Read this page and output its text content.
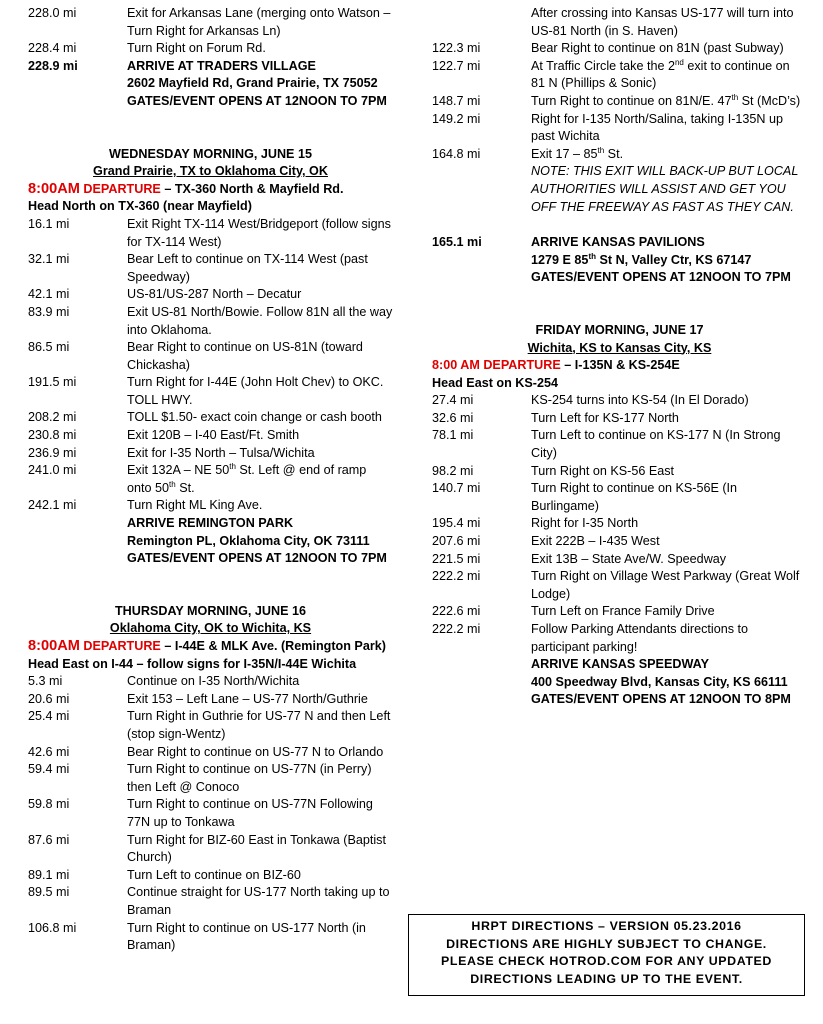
228.0 mi	Exit for Arkansas Lane (merging onto Watson – Turn Right for Arkansas Ln)
228.4 mi	Turn Right on Forum Rd.
228.9 mi	ARRIVE AT TRADERS VILLAGE
2602 Mayfield Rd, Grand Prairie, TX 75052
GATES/EVENT OPENS AT 12NOON TO 7PM
WEDNESDAY MORNING, JUNE 15
Grand Prairie, TX to Oklahoma City, OK
8:00AM DEPARTURE – TX-360 North & Mayfield Rd.
Head North on TX-360 (near Mayfield)
16.1 mi	Exit Right TX-114 West/Bridgeport (follow signs for TX-114 West)
32.1 mi	Bear Left to continue on TX-114 West (past Speedway)
42.1 mi	US-81/US-287 North – Decatur
83.9 mi	Exit US-81 North/Bowie. Follow 81N all the way into Oklahoma.
86.5 mi	Bear Right to continue on US-81N (toward Chickasha)
191.5 mi	Turn Right for I-44E (John Holt Chev) to OKC. TOLL HWY.
208.2 mi	TOLL $1.50- exact coin change or cash booth
230.8 mi	Exit 120B – I-40 East/Ft. Smith
236.9 mi	Exit for I-35 North – Tulsa/Wichita
241.0 mi	Exit 132A – NE 50th St. Left @ end of ramp onto 50th St.
242.1 mi	Turn Right ML King Ave.
ARRIVE REMINGTON PARK
Remington PL, Oklahoma City, OK 73111
GATES/EVENT OPENS AT 12NOON TO 7PM
THURSDAY MORNING, JUNE 16
Oklahoma City, OK to Wichita, KS
8:00AM DEPARTURE – I-44E & MLK Ave. (Remington Park)
Head East on I-44 – follow signs for I-35N/I-44E Wichita
5.3 mi	Continue on I-35 North/Wichita
20.6 mi	Exit 153 – Left Lane – US-77 North/Guthrie
25.4 mi	Turn Right in Guthrie for US-77 N and then Left (stop sign-Wentz)
42.6 mi	Bear Right to continue on US-77 N to Orlando
59.4 mi	Turn Right to continue on US-77N (in Perry) then Left @ Conoco
59.8 mi	Turn Right to continue on US-77N Following 77N up to Tonkawa
87.6 mi	Turn Right for BIZ-60 East in Tonkawa (Baptist Church)
89.1 mi	Turn Left to continue on BIZ-60
89.5 mi	Continue straight for US-177 North taking up to Braman
106.8 mi	Turn Right to continue on US-177 North (in Braman)
After crossing into Kansas US-177 will turn into US-81 North (in S. Haven)
122.3 mi	Bear Right to continue on 81N (past Subway)
122.7 mi	At Traffic Circle take the 2nd exit to continue on 81 N (Phillips & Sonic)
148.7 mi	Turn Right to continue on 81N/E. 47th St (McD’s)
149.2 mi	Right for I-135 North/Salina, taking I-135N up past Wichita
164.8 mi	Exit 17 – 85th St.
NOTE: THIS EXIT WILL BACK-UP BUT LOCAL AUTHORITIES WILL ASSIST AND GET YOU OFF THE FREEWAY AS FAST AS THEY CAN.
165.1 mi	ARRIVE KANSAS PAVILIONS
1279 E 85th St N, Valley Ctr, KS 67147
GATES/EVENT OPENS AT 12NOON TO 7PM
FRIDAY MORNING, JUNE 17
Wichita, KS to Kansas City, KS
8:00 AM DEPARTURE – I-135N & KS-254E
Head East on KS-254
27.4 mi	KS-254 turns into KS-54 (In El Dorado)
32.6 mi	Turn Left for KS-177 North
78.1 mi	Turn Left to continue on KS-177 N (In Strong City)
98.2 mi	Turn Right on KS-56 East
140.7 mi	Turn Right to continue on KS-56E (In Burlingame)
195.4 mi	Right for I-35 North
207.6 mi	Exit 222B – I-435 West
221.5 mi	Exit 13B – State Ave/W. Speedway
222.2 mi	Turn Right on Village West Parkway (Great Wolf Lodge)
222.6 mi	Turn Left on France Family Drive
222.2 mi	Follow Parking Attendants directions to participant parking!
ARRIVE KANSAS SPEEDWAY
400 Speedway Blvd, Kansas City, KS 66111
GATES/EVENT OPENS AT 12NOON TO 8PM
HRPT DIRECTIONS – VERSION 05.23.2016
DIRECTIONS ARE HIGHLY SUBJECT TO CHANGE.
PLEASE CHECK HOTROD.COM FOR ANY UPDATED
DIRECTIONS LEADING UP TO THE EVENT.
